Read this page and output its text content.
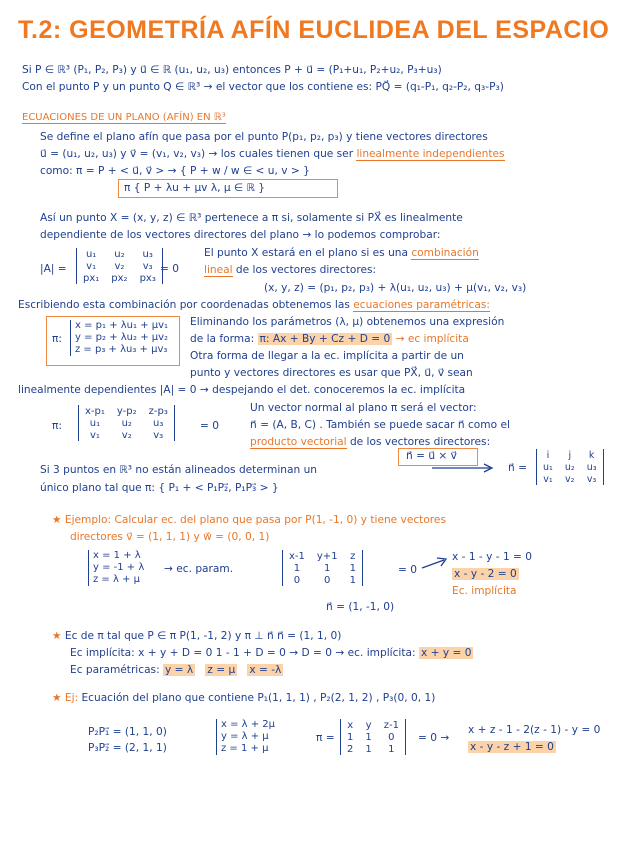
T.2: GEOMETRÍA AFÍN EUCLIDEA DEL ESPACIO
Si P ∈ ℝ³ (P₁, P₂, P₃) y u⃗ ∈ ℝ (u₁, u₂, u₃) entonces P + u⃗ = (P₁+u₁, P₂+u₂, P₃+u₃)
Con el punto P y un punto Q ∈ ℝ³ → el vector que los contiene es: PQ⃗ = (q₁-P₁, q₂-P₂, q₃-P₃)
ECUACIONES DE UN PLANO (AFÍN) EN ℝ³
Se define el plano afín que pasa por el punto P(p₁, p₂, p₃) y tiene vectores directores
u⃗ = (u₁, u₂, u₃) y v⃗ = (v₁, v₂, v₃) → los cuales tienen que ser linealmente independientes
como: π = P + < u⃗, v⃗ > → { P + w / w ∈ < u, v > }
π { P + λu + μv λ, μ ∈ ℝ }
Así un punto X = (x, y, z) ∈ ℝ³ pertenece a π si, solamente si PX⃗ es linealmente
dependiente de los vectores directores del plano → lo podemos comprobar:
|A| =
u₁	u₂	u₃
v₁	v₂	v₃
px₁	px₂	px₃
= 0
El punto X estará en el plano si es una combinación
lineal de los vectores directores:
(x, y, z) = (p₁, p₂, p₃) + λ(u₁, u₂, u₃) + μ(v₁, v₂, v₃)
Escribiendo esta combinación por coordenadas obtenemos las ecuaciones paramétricas:
π:
x = p₁ + λu₁ + μv₁
y = p₂ + λu₂ + μv₂
z = p₃ + λu₃ + μv₃
Eliminando los parámetros (λ, μ) obtenemos una expresión
de la forma: π: Ax + By + Cz + D = 0 → ec implícita
Otra forma de llegar a la ec. implícita a partir de un
punto y vectores directores es usar que PX⃗, u⃗, v⃗ sean
linealmente dependientes |A| = 0 → despejando el det. conoceremos la ec. implícita
π:
x-p₁	y-p₂	z-p₃
u₁	u₂	u₃
v₁	v₂	v₃
= 0
Un vector normal al plano π será el vector:
n⃗ = (A, B, C) . También se puede sacar n⃗ como el
producto vectorial de los vectores directores:
n⃗ = u⃗ × v⃗
Si 3 puntos en ℝ³ no están alineados determinan un
único plano tal que π: { P₁ + < P₁P₂⃗, P₁P₃⃗ > }
n⃗ =
i	j	k
u₁	u₂	u₃
v₁	v₂	v₃
★ Ejemplo: Calcular ec. del plano que pasa por P(1, -1, 0) y tiene vectores
directores v⃗ = (1, 1, 1) y w⃗ = (0, 0, 1)
x = 1 + λ
y = -1 + λ
z = λ + μ
→ ec. param.
x-1	y+1	z
1	1	1
0	0	1
= 0
x - 1 - y - 1 = 0
x - y - 2 = 0
Ec. implícita
n⃗ = (1, -1, 0)
★ Ec de π tal que P ∈ π P(1, -1, 2) y π ⊥ n⃗ n⃗ = (1, 1, 0)
Ec implícita: x + y + D = 0 1 - 1 + D = 0 → D = 0 → ec. implícita: x + y = 0
Ec paramétricas: y = λ z = μ x = -λ
★ Ej: Ecuación del plano que contiene P₁(1, 1, 1) , P₂(2, 1, 2) , P₃(0, 0, 1)
P₂P₁⃗ = (1, 1, 0)
P₃P₂⃗ = (2, 1, 1)
x = λ + 2μ
y = λ + μ
z = 1 + μ
π =
x	y	z-1
1	1	0
2	1	1
= 0 →
x + z - 1 - 2(z - 1) - y = 0
x - y - z + 1 = 0
